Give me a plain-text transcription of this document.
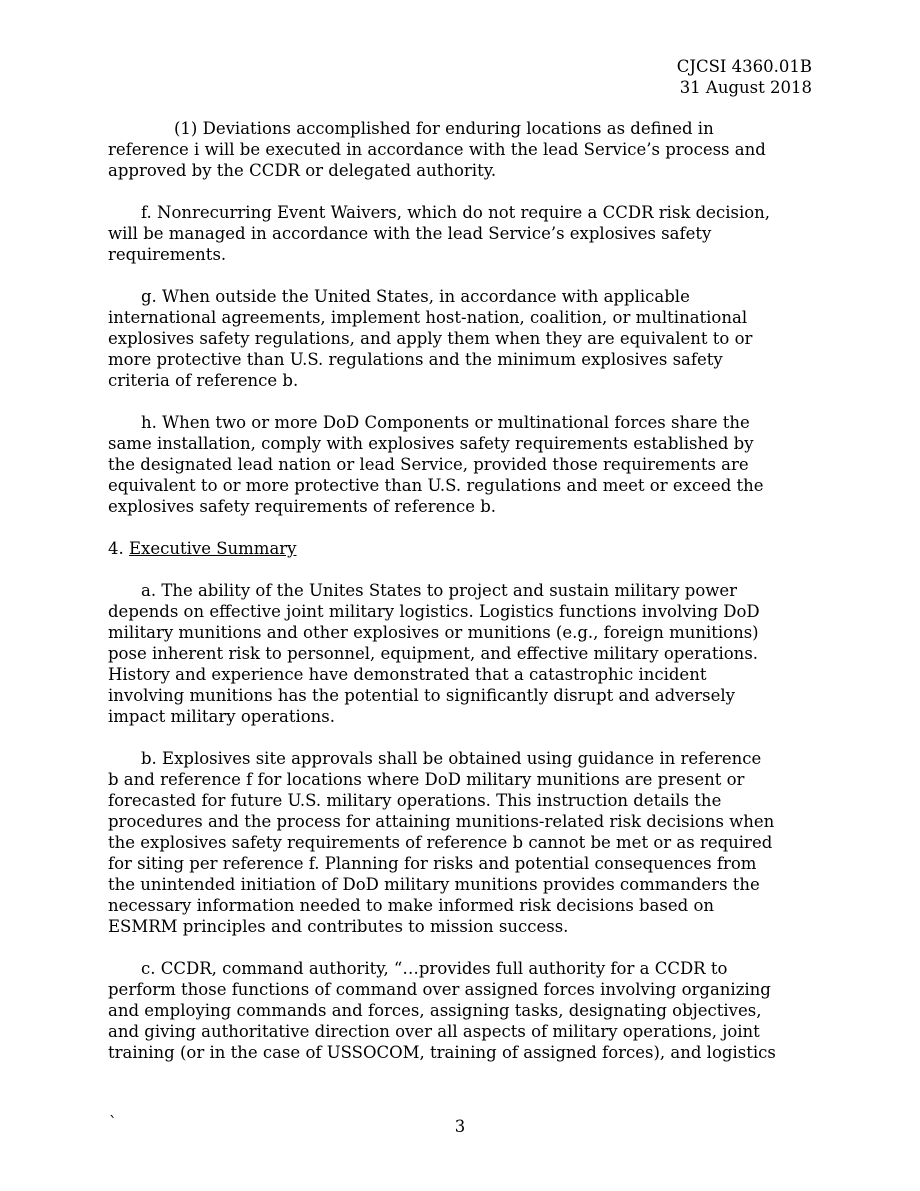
CJCSI 4360.01B
31 August 2018

(1) Deviations accomplished for enduring locations as defined in
reference i will be executed in accordance with the lead Service’s process and
approved by the CCDR or delegated authority.

f. Nonrecurring Event Waivers, which do not require a CCDR risk decision,
will be managed in accordance with the lead Service’s explosives safety
requirements.

g. When outside the United States, in accordance with applicable
international agreements, implement host-nation, coalition, or multinational
explosives safety regulations, and apply them when they are equivalent to or
more protective than U.S. regulations and the minimum explosives safety
criteria of reference b.

h. When two or more DoD Components or multinational forces share the
same installation, comply with explosives safety requirements established by
the designated lead nation or lead Service, provided those requirements are
equivalent to or more protective than U.S. regulations and meet or exceed the
explosives safety requirements of reference b.

4. Executive Summary

a. The ability of the Unites States to project and sustain military power
depends on effective joint military logistics. Logistics functions involving DoD
military munitions and other explosives or munitions (e.g., foreign munitions)
pose inherent risk to personnel, equipment, and effective military operations.
History and experience have demonstrated that a catastrophic incident
involving munitions has the potential to significantly disrupt and adversely
impact military operations.

b. Explosives site approvals shall be obtained using guidance in reference
b and reference f for locations where DoD military munitions are present or
forecasted for future U.S. military operations. This instruction details the
procedures and the process for attaining munitions-related risk decisions when
the explosives safety requirements of reference b cannot be met or as required
for siting per reference f. Planning for risks and potential consequences from
the unintended initiation of DoD military munitions provides commanders the
necessary information needed to make informed risk decisions based on
ESMRM principles and contributes to mission success.

c. CCDR, command authority, “…provides full authority for a CCDR to
perform those functions of command over assigned forces involving organizing
and employing commands and forces, assigning tasks, designating objectives,
and giving authoritative direction over all aspects of military operations, joint
training (or in the case of USSOCOM, training of assigned forces), and logistics

`	3
